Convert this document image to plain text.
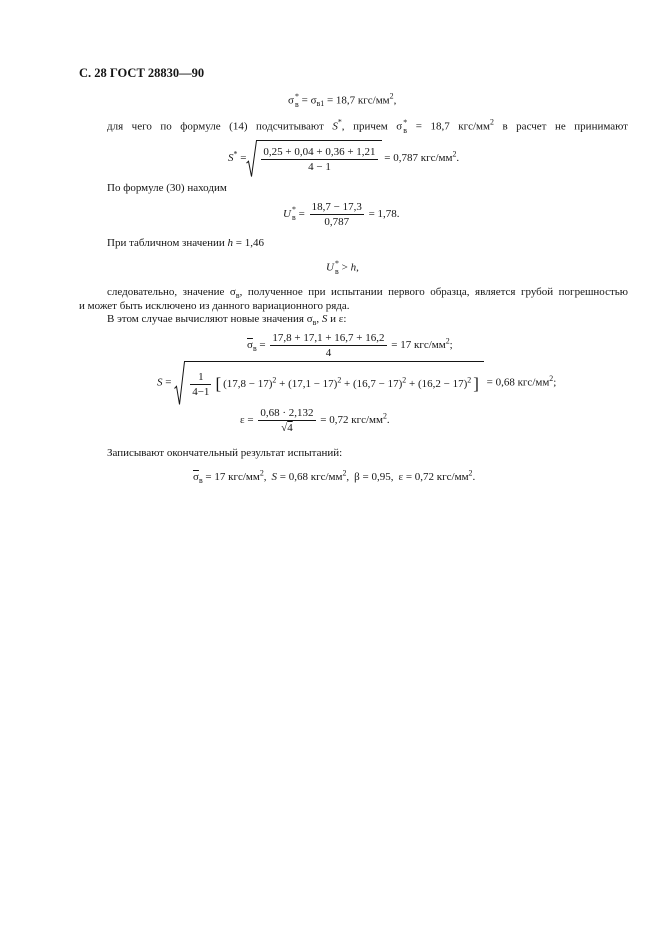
С. 28 ГОСТ 28830—90
σ *
$в = \sigma_{в1} = 18,7$ кгс/$мм^2$,
для чего по формуле (14) подсчитывают S*, причем σ *
в = 18,7 кгс/$мм^2$ в расчет не принимают
$S^* = \frac{0,25 + 0,04 + 0,36 + 1,21}{4 - 1} = 0,787$ кгс/$мм^2$.
По формуле (30) находим
U *
$в = \frac{18,7 - 17,3}{0,787} = 1,78$.
При табличном значении h = 1,46
U *
в > h,
следовательно, значение $\sigma_в$, полученное при испытании первого образца, является грубой погрешностью
и может быть исключено из данного вариационного ряда.
В этом случае вычисляют новые значения $\sigma_в$, S и ε:
$\overline{\sigma}_в = \frac{17,8 + 17,1 + 16,7 + 16,2}{4} = 17$ кгс/$мм^2$;
$S = \frac{1}{4-1}$ [ $(17,8 - 17)^2 + (17,1 - 17)^2 + (16,7 - 17)^2 + (16,2 - 17)^2$ ] = 0,68 кгс/$мм^2$;
$\varepsilon = \frac{0,68 \cdot 2,132}{√4} = 0,72$ кгс/$мм^2$.
Записывают окончательный результат испытаний:
$\overline{\sigma}_в = 17$ кгс/$мм^2$, S = 0,68 кгс/$мм^2$, β = 0,95, ε = 0,72 кгс/$мм^2$.
